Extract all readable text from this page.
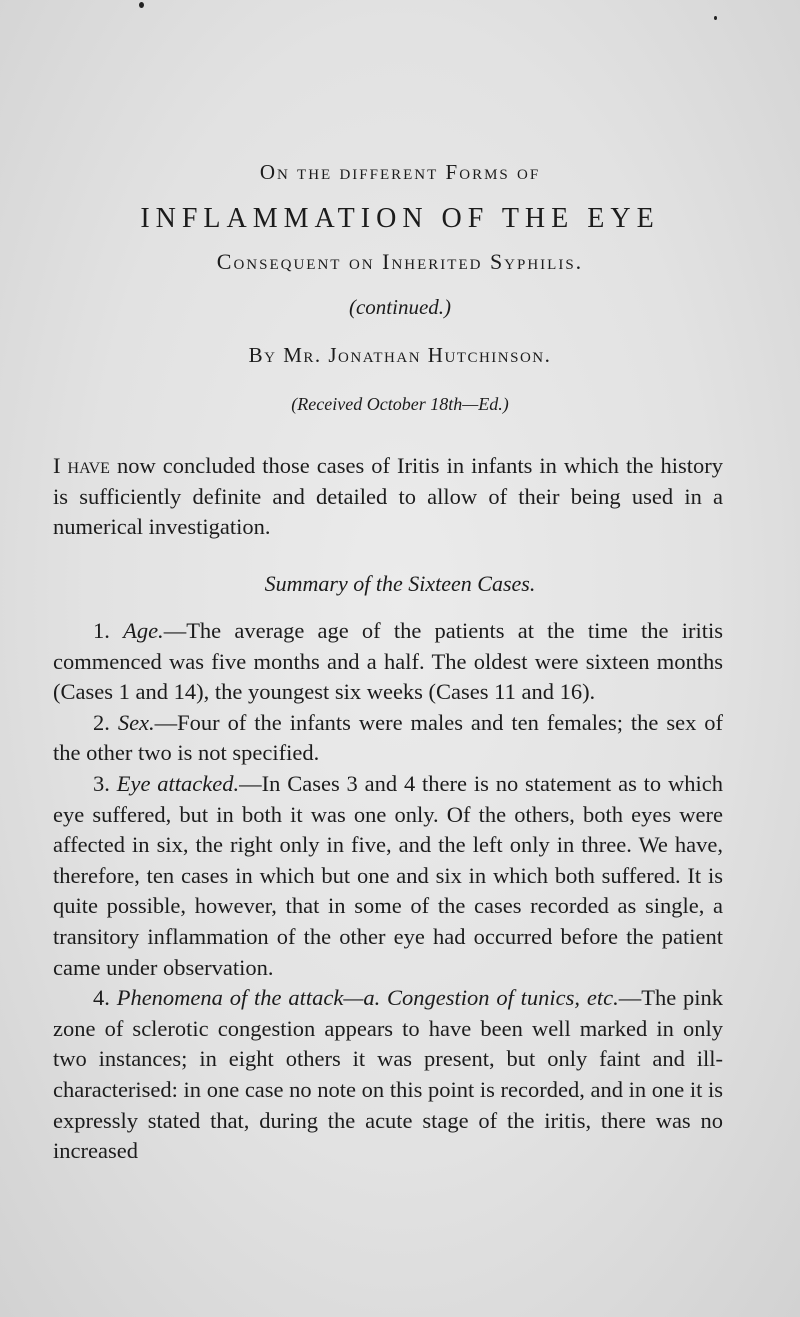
On the different Forms of
INFLAMMATION OF THE EYE
Consequent on Inherited Syphilis.
(continued.)
By Mr. Jonathan Hutchinson.
(Received October 18th—Ed.)
I have now concluded those cases of Iritis in infants in which the history is sufficiently definite and detailed to allow of their being used in a numerical investigation.
Summary of the Sixteen Cases.

1. Age.—The average age of the patients at the time the iritis commenced was five months and a half. The oldest were sixteen months (Cases 1 and 14), the youngest six weeks (Cases 11 and 16).

2. Sex.—Four of the infants were males and ten females; the sex of the other two is not specified.

3. Eye attacked.—In Cases 3 and 4 there is no statement as to which eye suffered, but in both it was one only. Of the others, both eyes were affected in six, the right only in five, and the left only in three. We have, therefore, ten cases in which but one and six in which both suffered. It is quite possible, however, that in some of the cases recorded as single, a transitory inflammation of the other eye had occurred before the patient came under observation.

4. Phenomena of the attack—a. Congestion of tunics, etc.—The pink zone of sclerotic congestion appears to have been well marked in only two instances; in eight others it was present, but only faint and ill-characterised: in one case no note on this point is recorded, and in one it is expressly stated that, during the acute stage of the iritis, there was no increased
